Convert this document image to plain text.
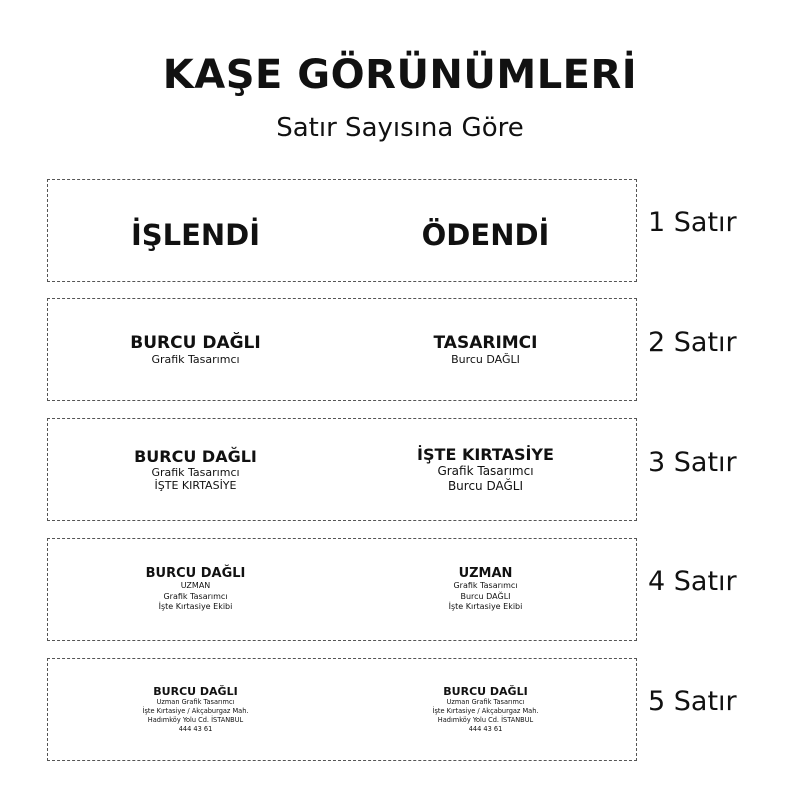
KAŞE GÖRÜNÜMLERİ
Satır Sayısına Göre
İŞLENDİ	ÖDENDİ	1 Satır
BURCU DAĞLI
Grafik Tasarımcı
TASARIMCI
Burcu DAĞLI
2 Satır
BURCU DAĞLI
Grafik Tasarımcı
İŞTE KIRTASİYE
İŞTE KIRTASİYE
Grafik Tasarımcı
Burcu DAĞLI
3 Satır
BURCU DAĞLI
UZMAN
Grafik Tasarımcı
İşte Kırtasiye Ekibi
UZMAN
Grafik Tasarımcı
Burcu DAĞLI
İşte Kırtasiye Ekibi
4 Satır
BURCU DAĞLI
Uzman Grafik Tasarımcı
İşte Kırtasiye / Akçaburgaz Mah.
Hadımköy Yolu Cd. İSTANBUL
444 43 61
BURCU DAĞLI
Uzman Grafik Tasarımcı
İşte Kırtasiye / Akçaburgaz Mah.
Hadımköy Yolu Cd. İSTANBUL
444 43 61
5 Satır
